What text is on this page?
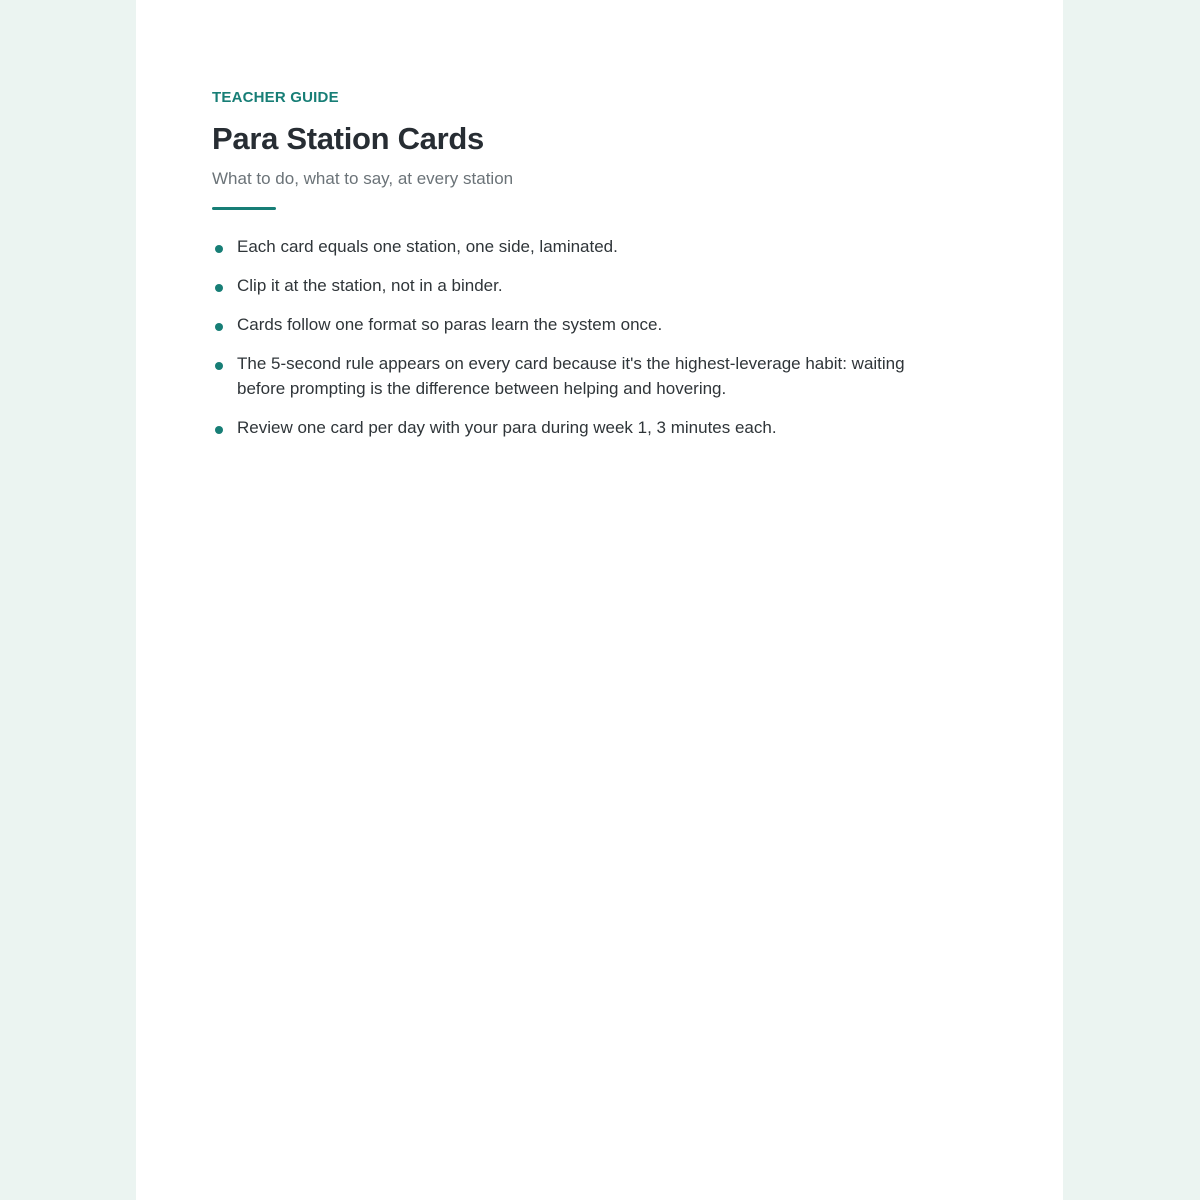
TEACHER GUIDE

Para Station Cards

What to do, what to say, at every station

Each card equals one station, one side, laminated.
Clip it at the station, not in a binder.
Cards follow one format so paras learn the system once.
The 5-second rule appears on every card because it's the highest-leverage habit: waiting before prompting is the difference between helping and hovering.
Review one card per day with your para during week 1, 3 minutes each.
